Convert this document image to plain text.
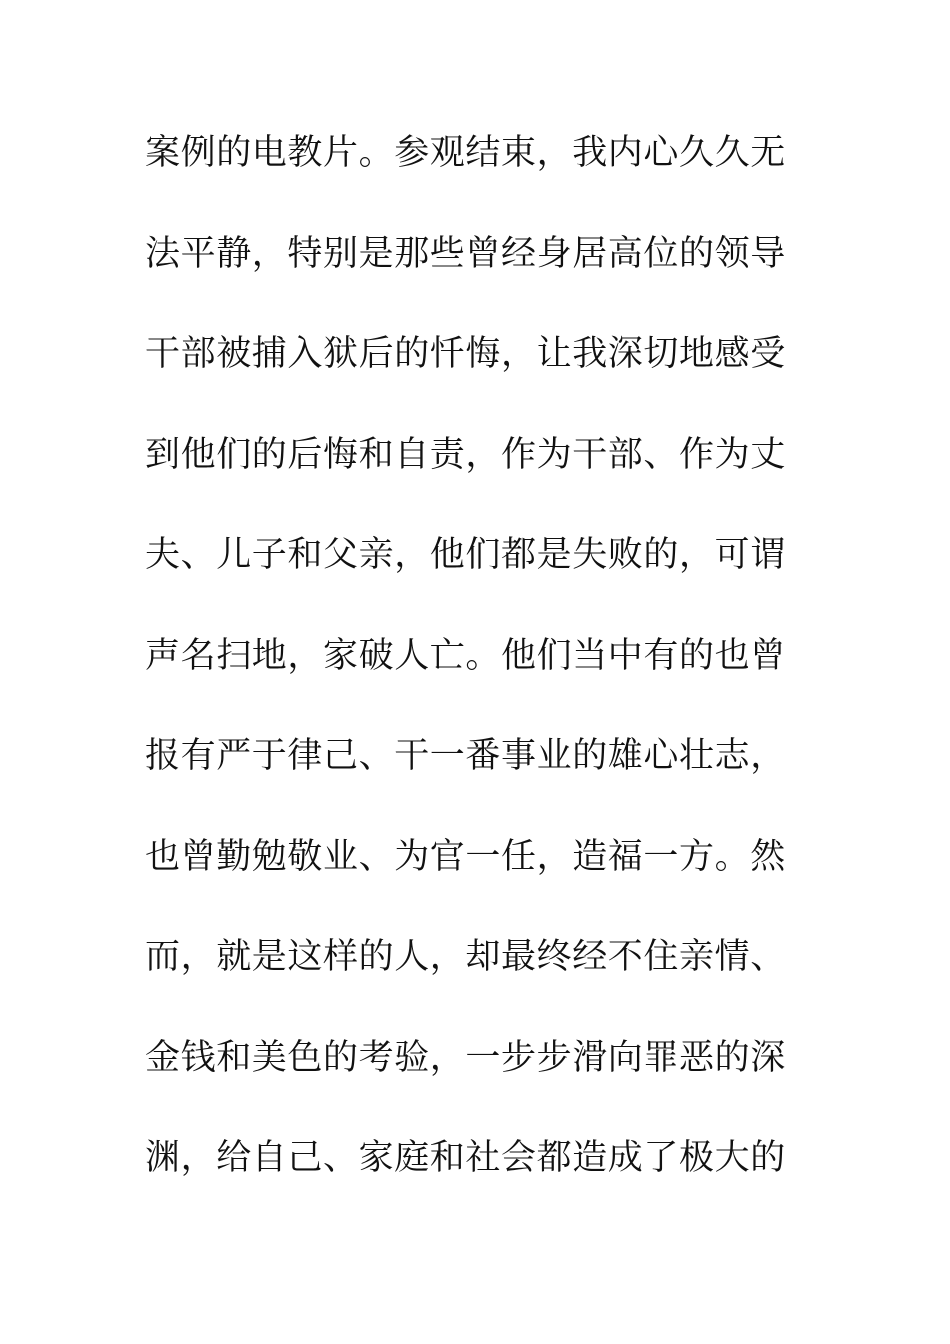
案例的电教片。参观结束，我内心久久无
法平静，特别是那些曾经身居高位的领导
干部被捕入狱后的忏悔，让我深切地感受
到他们的后悔和自责，作为干部、作为丈
夫、儿子和父亲，他们都是失败的，可谓
声名扫地，家破人亡。他们当中有的也曾
报有严于律己、干一番事业的雄心壮志，
也曾勤勉敬业、为官一任，造福一方。然
而，就是这样的人，却最终经不住亲情、
金钱和美色的考验，一步步滑向罪恶的深
渊，给自己、家庭和社会都造成了极大的
